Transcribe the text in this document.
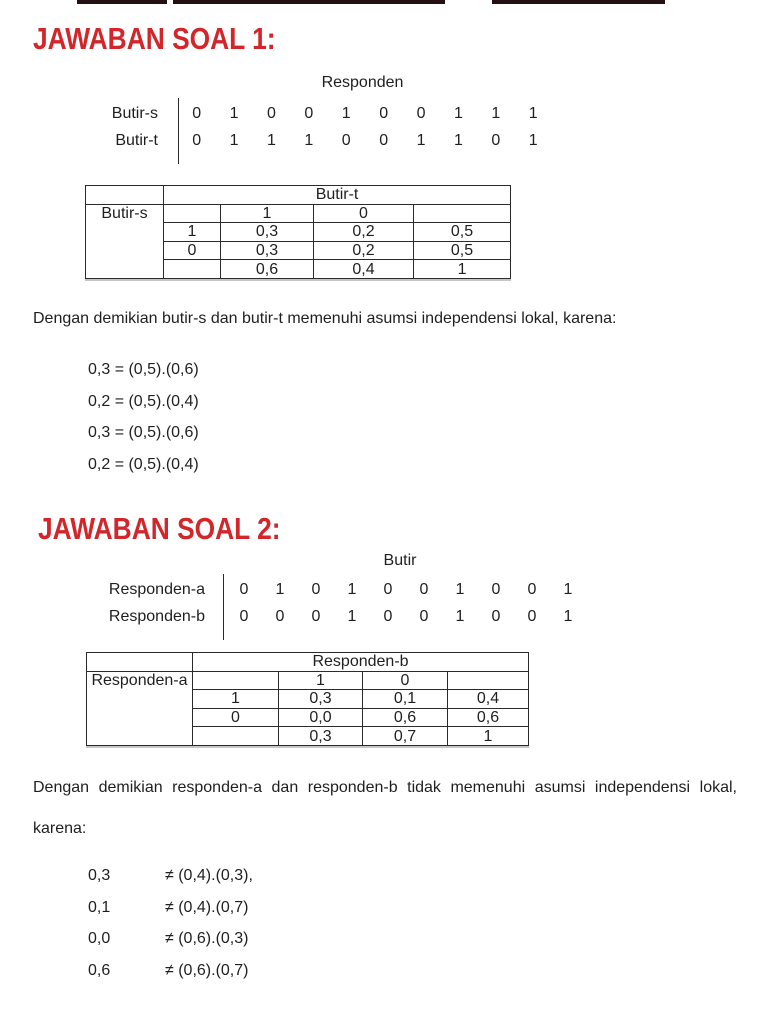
JAWABAN SOAL 1:
Responden
Butir-s	0	1	0	0	1	0	0	1	1	1
Butir-t	0	1	1	1	0	0	1	1	0	1
	Butir-t			
Butir-s		1	0	
	1	0,3	0,2	0,5
	0	0,3	0,2	0,5
		0,6	0,4	1
Dengan demikian butir-s dan butir-t memenuhi asumsi independensi lokal, karena:
0,3 = (0,5).(0,6)
0,2 = (0,5).(0,4)
0,3 = (0,5).(0,6)
0,2 = (0,5).(0,4)
JAWABAN SOAL 2:
Butir
Responden-a	0	1	0	1	0	0	1	0	0	1
Responden-b	0	0	0	1	0	0	1	0	0	1
	Responden-b			
Responden-a		1	0	
	1	0,3	0,1	0,4
	0	0,0	0,6	0,6
		0,3	0,7	1
Dengan demikian responden-a dan responden-b tidak memenuhi asumsi independensi lokal,
karena:
0,3	≠ (0,4).(0,3),
0,1	≠ (0,4).(0,7)
0,0	≠ (0,6).(0,3)
0,6	≠ (0,6).(0,7)
